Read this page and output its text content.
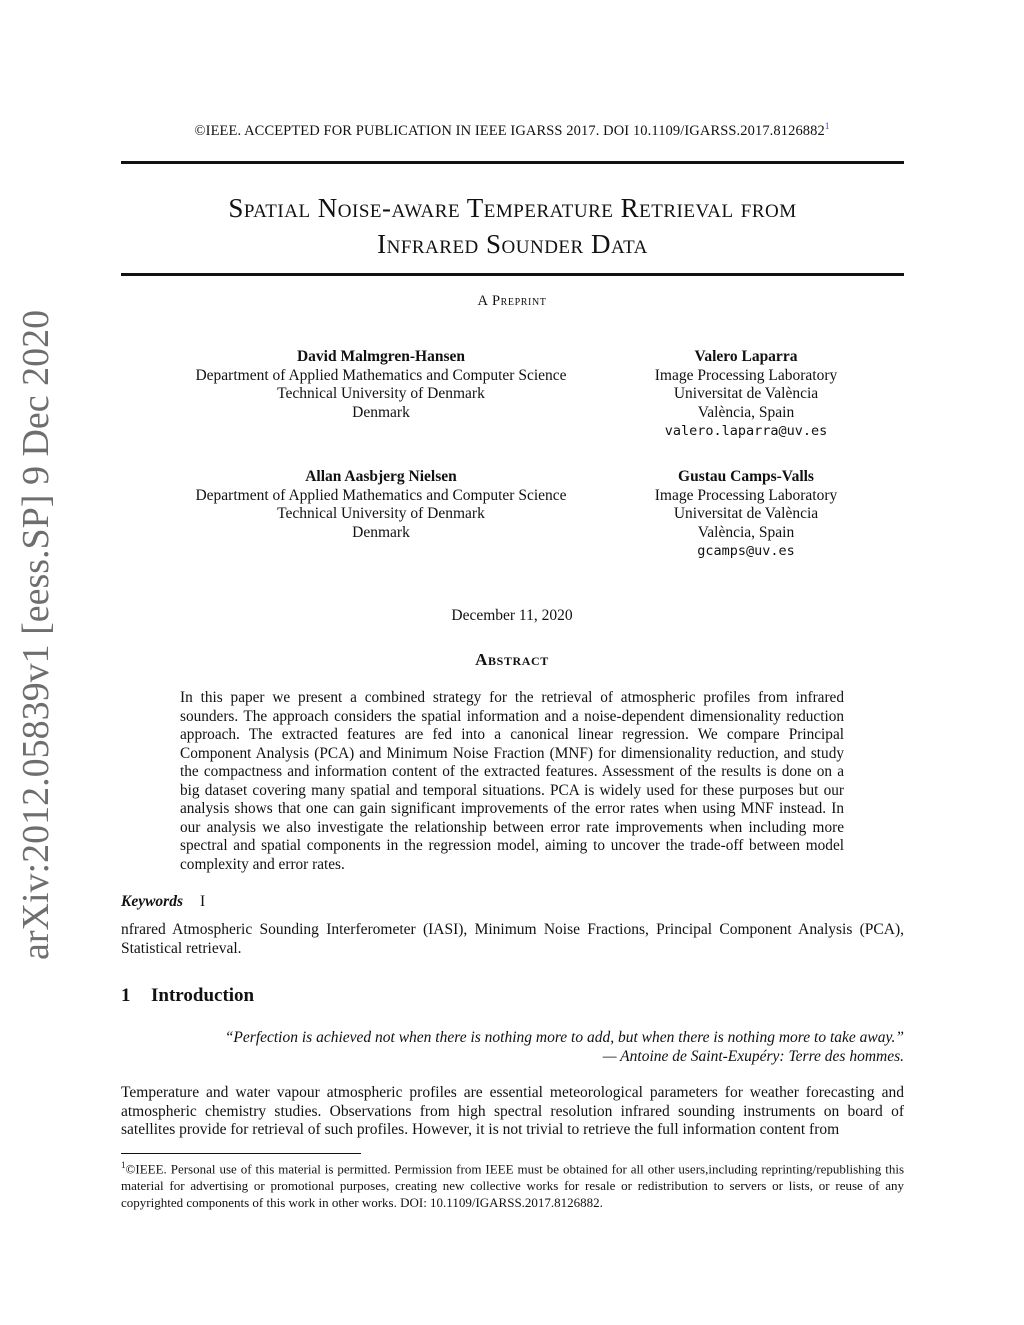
arXiv:2012.05839v1 [eess.SP] 9 Dec 2020
©IEEE. ACCEPTED FOR PUBLICATION IN IEEE IGARSS 2017. DOI 10.1109/IGARSS.2017.8126882$^1$
Spatial Noise-aware Temperature Retrieval from
Infrared Sounder Data
A Preprint
David Malmgren-Hansen
Department of Applied Mathematics and Computer Science
Technical University of Denmark
Denmark
Valero Laparra
Image Processing Laboratory
Universitat de València
València, Spain
valero.laparra@uv.es
Allan Aasbjerg Nielsen
Department of Applied Mathematics and Computer Science
Technical University of Denmark
Denmark
Gustau Camps-Valls
Image Processing Laboratory
Universitat de València
València, Spain
gcamps@uv.es
December 11, 2020
Abstract
In this paper we present a combined strategy for the retrieval of atmospheric profiles from infrared sounders. The approach considers the spatial information and a noise-dependent dimensionality reduction approach. The extracted features are fed into a canonical linear regression. We compare Principal Component Analysis (PCA) and Minimum Noise Fraction (MNF) for dimensionality reduction, and study the compactness and information content of the extracted features. Assessment of the results is done on a big dataset covering many spatial and temporal situations. PCA is widely used for these purposes but our analysis shows that one can gain significant improvements of the error rates when using MNF instead. In our analysis we also investigate the relationship between error rate improvements when including more spectral and spatial components in the regression model, aiming to uncover the trade-off between model complexity and error rates.
Keywords I
nfrared Atmospheric Sounding Interferometer (IASI), Minimum Noise Fractions, Principal Component Analysis (PCA), Statistical retrieval.
1 Introduction
“Perfection is achieved not when there is nothing more to add, but when there is nothing more to take away.”
— Antoine de Saint-Exupéry: Terre des hommes.
Temperature and water vapour atmospheric profiles are essential meteorological parameters for weather forecasting and atmospheric chemistry studies. Observations from high spectral resolution infrared sounding instruments on board of satellites provide for retrieval of such profiles. However, it is not trivial to retrieve the full information content from
$^1$©IEEE. Personal use of this material is permitted. Permission from IEEE must be obtained for all other users,including reprinting/republishing this material for advertising or promotional purposes, creating new collective works for resale or redistribution to servers or lists, or reuse of any copyrighted components of this work in other works. DOI: 10.1109/IGARSS.2017.8126882.
